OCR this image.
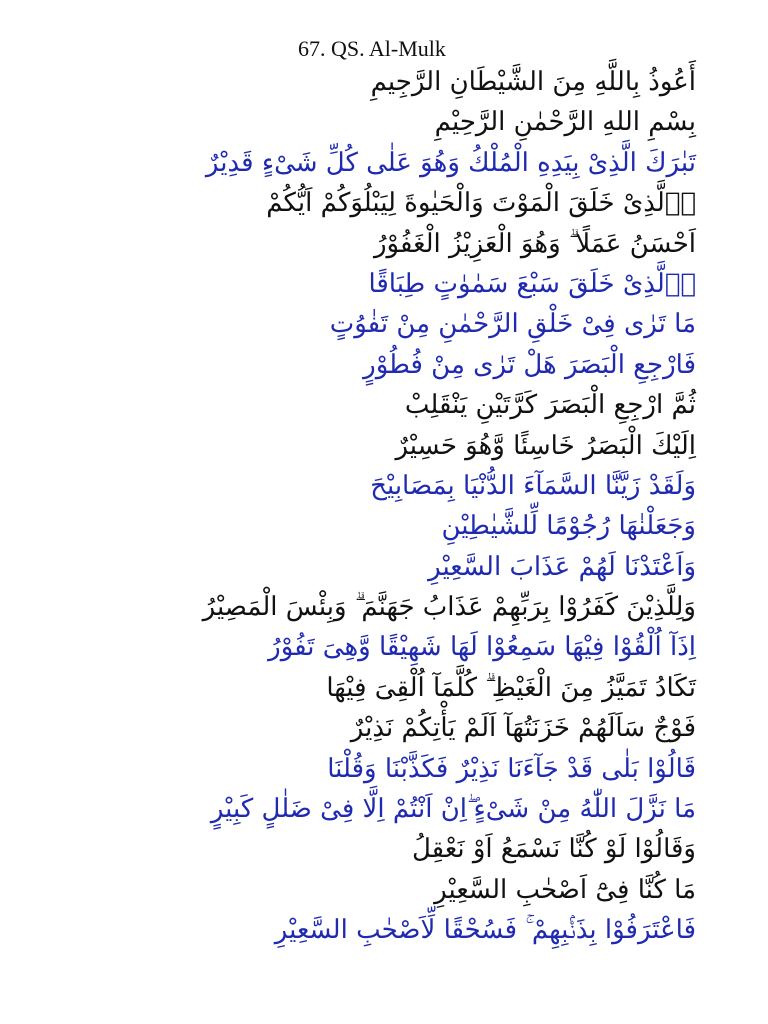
67. QS. Al-Mulk
أَعُوذُ بِاللَّهِ مِنَ الشَّيْطَانِ الرَّجِيمِ
بِسْمِ اللهِ الرَّحْمٰنِ الرَّحِيْمِ
تَبٰرَكَ الَّذِىْ بِيَدِهِ الْمُلْكُ وَهُوَ عَلٰى كُلِّ شَىْءٍ قَدِيْرٌ
اۨلَّذِىْ خَلَقَ الْمَوْتَ وَالْحَيٰوةَ لِيَبْلُوَكُمْ اَيُّكُمْ
اَحْسَنُ عَمَلًا ۗ وَهُوَ الْعَزِيْزُ الْغَفُوْرُ
اۨلَّذِىْ خَلَقَ سَبْعَ سَمٰوٰتٍ طِبَاقًا
مَا تَرٰى فِىْ خَلْقِ الرَّحْمٰنِ مِنْ تَفٰوُتٍ
فَارْجِعِ الْبَصَرَ هَلْ تَرٰى مِنْ فُطُوْرٍ
ثُمَّ ارْجِعِ الْبَصَرَ كَرَّتَيْنِ يَنْقَلِبْ
اِلَيْكَ الْبَصَرُ خَاسِئًا وَّهُوَ حَسِيْرٌ
وَلَقَدْ زَيَّنَّا السَّمَآءَ الدُّنْيَا بِمَصَابِيْحَ
وَجَعَلْنٰهَا رُجُوْمًا لِّلشَّيٰطِيْنِ
وَاَعْتَدْنَا لَهُمْ عَذَابَ السَّعِيْرِ
وَلِلَّذِيْنَ كَفَرُوْا بِرَبِّهِمْ عَذَابُ جَهَنَّمَ ۗ وَبِئْسَ الْمَصِيْرُ
اِذَآ اُلْقُوْا فِيْهَا سَمِعُوْا لَهَا شَهِيْقًا وَّهِىَ تَفُوْرُ
تَكَادُ تَمَيَّزُ مِنَ الْغَيْظِ ۗ كُلَّمَآ اُلْقِىَ فِيْهَا
فَوْجٌ سَاَلَهُمْ خَزَنَتُهَآ اَلَمْ يَأْتِكُمْ نَذِيْرٌ
قَالُوْا بَلٰى قَدْ جَآءَنَا نَذِيْرٌ فَكَذَّبْنَا وَقُلْنَا
مَا نَزَّلَ اللّٰهُ مِنْ شَىْءٍ ۖاِنْ اَنْتُمْ اِلَّا فِىْ ضَلٰلٍ كَبِيْرٍ
وَقَالُوْا لَوْ كُنَّا نَسْمَعُ اَوْ نَعْقِلُ
مَا كُنَّا فِىْٓ اَصْحٰبِ السَّعِيْرِ
فَاعْتَرَفُوْا بِذَنْۢبِهِمْ ۚ فَسُحْقًا لِّاَصْحٰبِ السَّعِيْرِ
